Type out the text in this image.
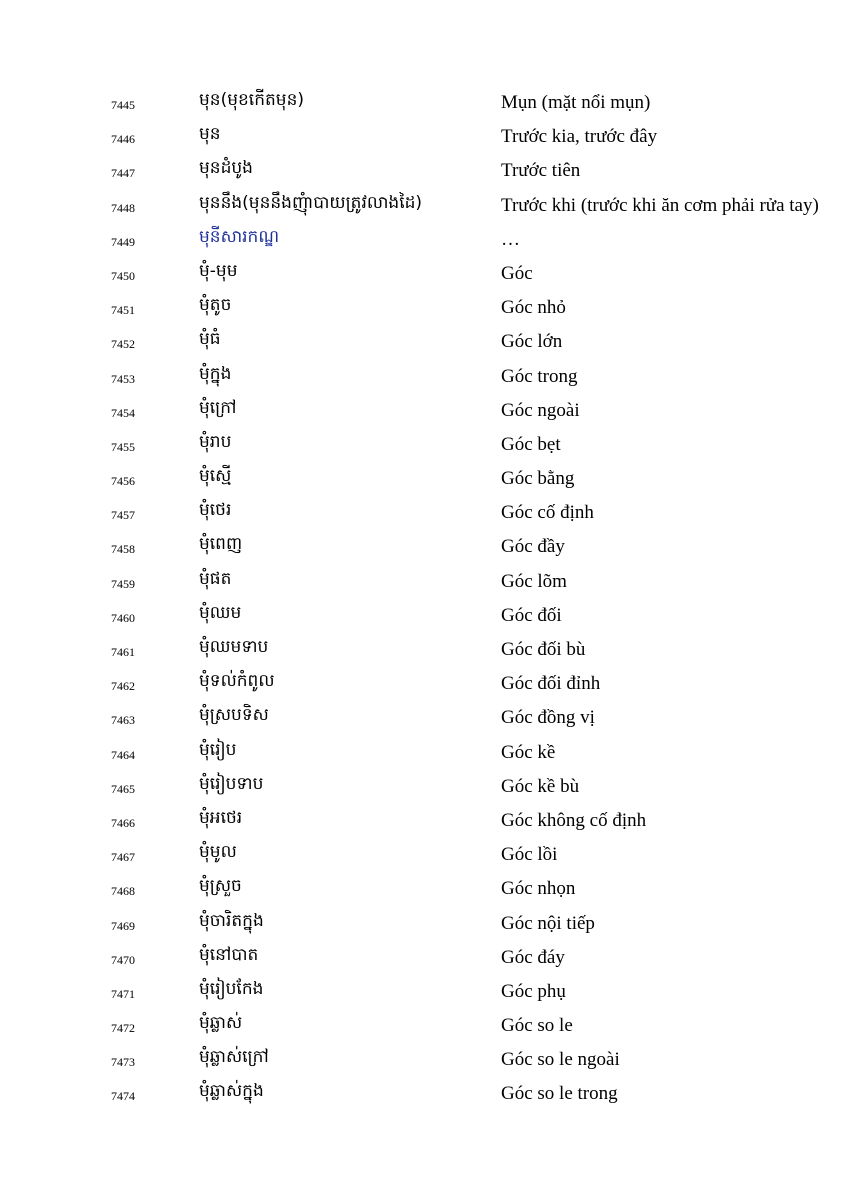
7445	មុន(មុខកើតមុន)	Mụn (mặt nổi mụn)
7446	មុន	Trước kia, trước đây
7447	មុនដំបូង	Trước tiên
7448	មុននឹង(មុននឹងញុំាបាយត្រូវលាងដៃ)	Trước khi (trước khi ăn cơm phải rửa tay)
7449	មុនីសារកណ្ឌ	…
7450	មុំ-មុម	Góc
7451	មុំតូច	Góc nhỏ
7452	មុំធំ	Góc lớn
7453	មុំក្នុង	Góc trong
7454	មុំក្រៅ	Góc ngoài
7455	មុំរាប	Góc bẹt
7456	មុំស្មើ	Góc bằng
7457	មុំថេរ	Góc cố định
7458	មុំពេញ	Góc đầy
7459	មុំផត	Góc lõm
7460	មុំឈម	Góc đối
7461	មុំឈមទាប	Góc đối bù
7462	មុំទល់កំពូល	Góc đối đỉnh
7463	មុំស្របទិស	Góc đồng vị
7464	មុំរៀប	Góc kề
7465	មុំរៀបទាប	Góc kề bù
7466	មុំអថេរ	Góc không cố định
7467	មុំមូល	Góc lồi
7468	មុំស្រួច	Góc nhọn
7469	មុំចារិតក្នុង	Góc nội tiếp
7470	មុំនៅបាត	Góc đáy
7471	មុំរៀបកែង	Góc phụ
7472	មុំឆ្លាស់	Góc so le
7473	មុំឆ្លាស់ក្រៅ	Góc so le ngoài
7474	មុំឆ្លាស់ក្នុង	Góc so le trong
